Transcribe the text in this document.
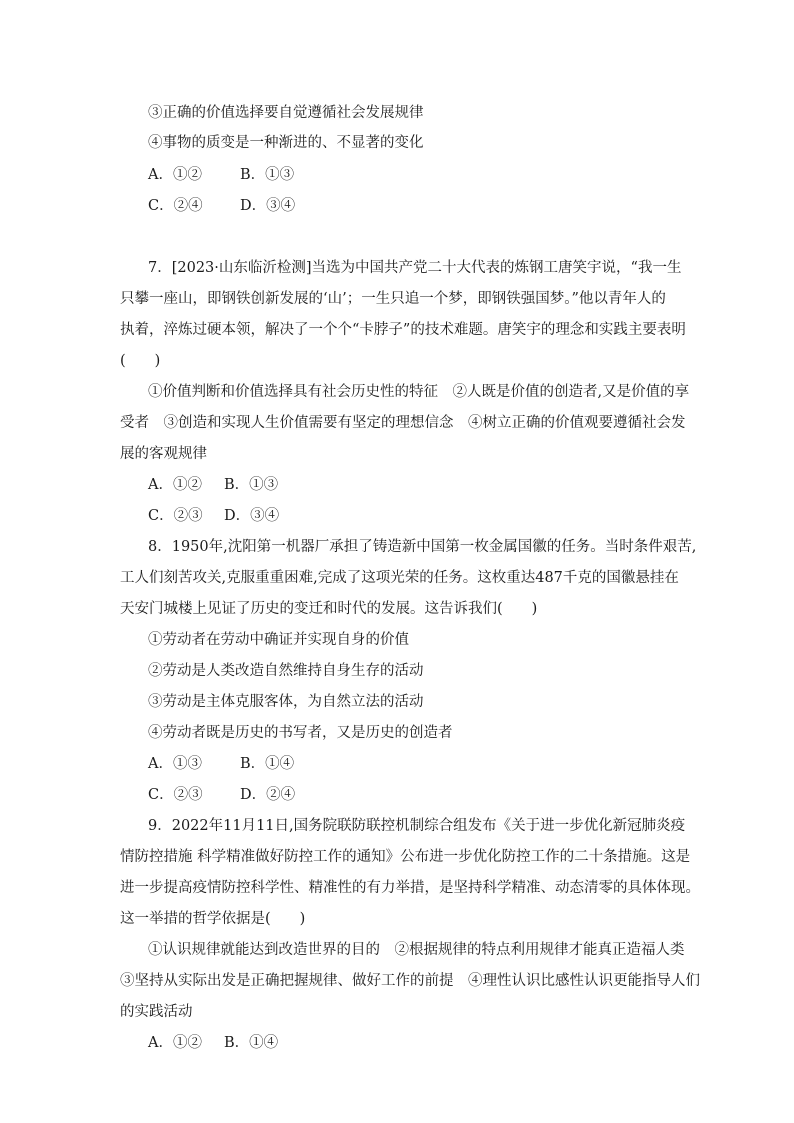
③正确的价值选择要自觉遵循社会发展规律
④事物的质变是一种渐进的、不显著的变化
A．①②	B．①③
C．②④	D．③④
7．[2023·山东临沂检测]当选为中国共产党二十大代表的炼钢工唐笑宇说，“我一生
只攀一座山，即钢铁创新发展的‘山’；一生只追一个梦，即钢铁强国梦。”他以青年人的
执着，淬炼过硬本领，解决了一个个“卡脖子”的技术难题。唐笑宇的理念和实践主要表明
(　　)
①价值判断和价值选择具有社会历史性的特征　②人既是价值的创造者,又是价值的享
受者　③创造和实现人生价值需要有坚定的理想信念　④树立正确的价值观要遵循社会发
展的客观规律
A．①② B．①③
C．②③ D．③④
8．1950年,沈阳第一机器厂承担了铸造新中国第一枚金属国徽的任务。当时条件艰苦,
工人们刻苦攻关,克服重重困难,完成了这项光荣的任务。这枚重达487千克的国徽悬挂在
天安门城楼上见证了历史的变迁和时代的发展。这告诉我们(　　)
①劳动者在劳动中确证并实现自身的价值
②劳动是人类改造自然维持自身生存的活动
③劳动是主体克服客体，为自然立法的活动
④劳动者既是历史的书写者，又是历史的创造者
A．①③	B．①④
C．②③	D．②④
9．2022年11月11日,国务院联防联控机制综合组发布《关于进一步优化新冠肺炎疫
情防控措施 科学精准做好防控工作的通知》公布进一步优化防控工作的二十条措施。这是
进一步提高疫情防控科学性、精准性的有力举措，是坚持科学精准、动态清零的具体体现。
这一举措的哲学依据是(　　)
①认识规律就能达到改造世界的目的　②根据规律的特点利用规律才能真正造福人类
③坚持从实际出发是正确把握规律、做好工作的前提　④理性认识比感性认识更能指导人们
的实践活动
A．①② B．①④
